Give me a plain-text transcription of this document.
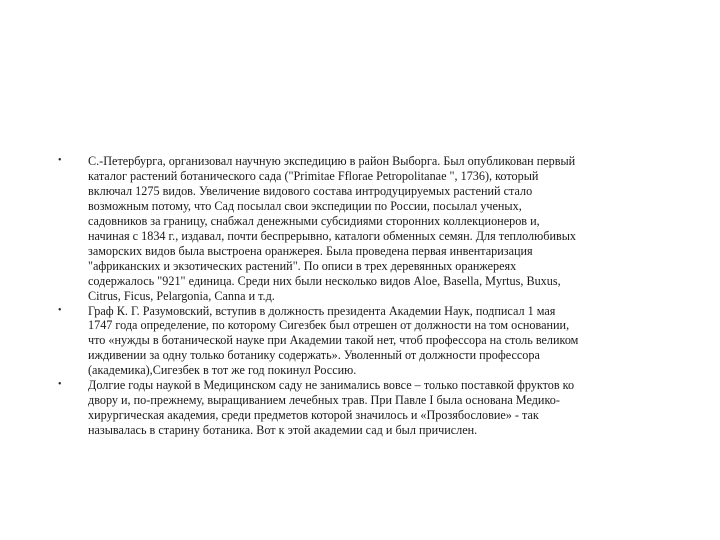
•	С.-Петербурга, организовал научную экспедицию в район Выборга. Был опубликован первый
каталог растений ботанического сада ("Primitae Fflorae Petropolitanae ", 1736), который
включал 1275 видов. Увеличение видового состава интродуцируемых растений стало
возможным потому, что Сад посылал свои экспедиции по России, посылал ученых,
садовников за границу, снабжал денежными субсидиями сторонних коллекционеров и,
начиная с 1834 г., издавал, почти беспрерывно, каталоги обменных семян. Для теплолюбивых
заморских видов была выстроена оранжерея. Была проведена первая инвентаризация
"африканских и экзотических растений". По описи в трех деревянных оранжереях
содержалось "921" единица. Среди них были несколько видов Aloe, Basella, Myrtus, Buxus,
Citrus, Ficus, Pelargonia, Canna и т.д.
•	Граф К. Г. Разумовский, вступив в должность президента Академии Наук, подписал 1 мая
1747 года определение, по которому Сигезбек был отрешен от должности на том основании,
что «нужды в ботанической науке при Академии такой нет, чтоб профессора на столь великом
иждивении за одну только ботанику содержать». Уволенный от должности профессора
(академика),Сигезбек в тот же год покинул Россию.
•	Долгие годы наукой в Медицинском саду не занимались вовсе – только поставкой фруктов ко
двору и, по-прежнему, выращиванием лечебных трав. При Павле I была основана Медико-
хирургическая академия, среди предметов которой значилось и «Прозябословие» - так
называлась в старину ботаника. Вот к этой академии сад и был причислен.
